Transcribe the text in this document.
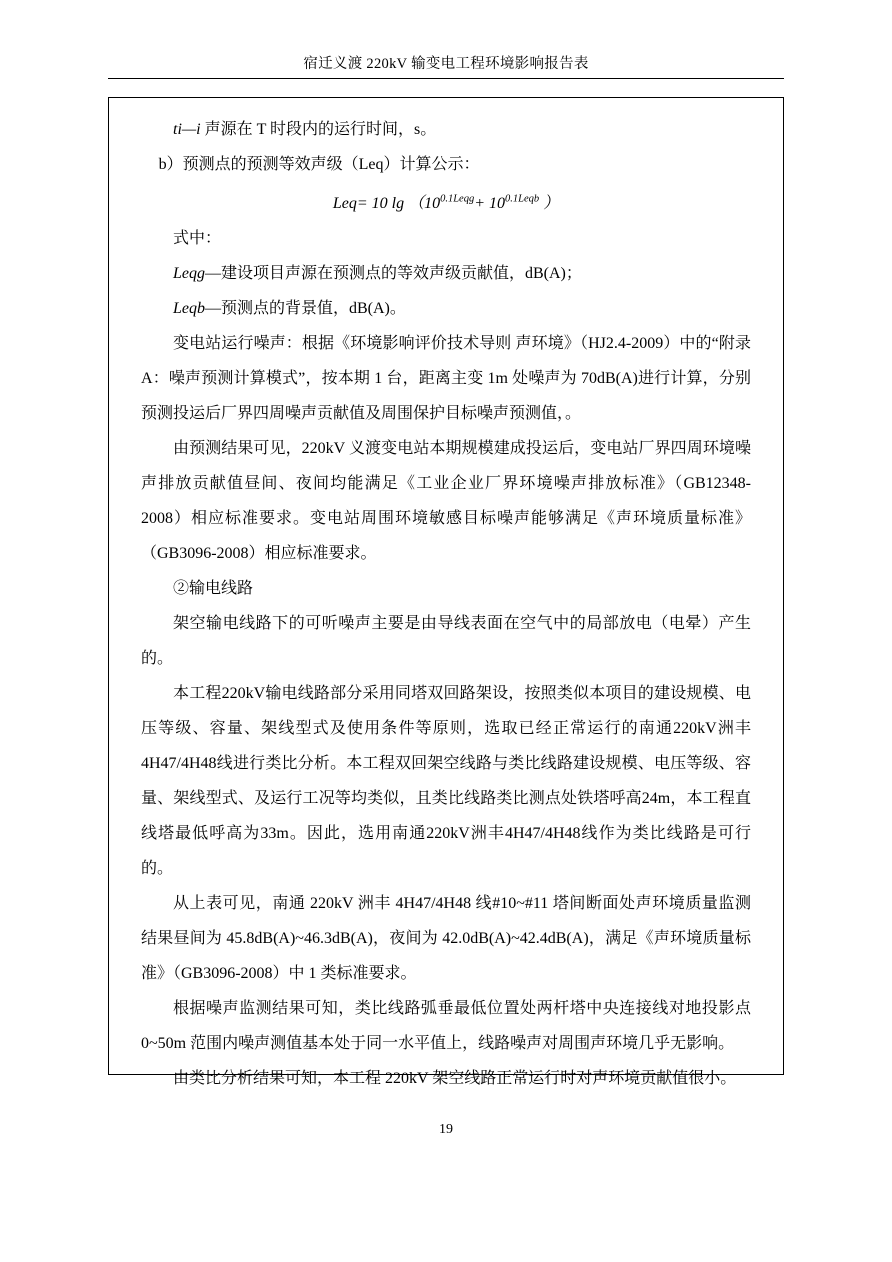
宿迁义渡 220kV 输变电工程环境影响报告表

ti—i 声源在 T 时段内的运行时间，s。

b）预测点的预测等效声级（Leq）计算公示：

Leq= 10 $\lg (10^{0.1Leqg}+ 10^{0.1Leqb}$ ）

式中：

Leqg—建设项目声源在预测点的等效声级贡献值，dB(A)；

Leqb—预测点的背景值，dB(A)。

变电站运行噪声：根据《环境影响评价技术导则 声环境》（HJ2.4-2009）中的“附录 A：噪声预测计算模式”，按本期 1 台，距离主变 1m 处噪声为 70dB(A)进行计算，分别预测投运后厂界四周噪声贡献值及周围保护目标噪声预测值，。

由预测结果可见，220kV 义渡变电站本期规模建成投运后，变电站厂界四周环境噪声排放贡献值昼间、夜间均能满足《工业企业厂界环境噪声排放标准》（GB12348-2008）相应标准要求。变电站周围环境敏感目标噪声能够满足《声环境质量标准》（GB3096-2008）相应标准要求。

②输电线路

架空输电线路下的可听噪声主要是由导线表面在空气中的局部放电（电晕）产生的。

本工程220kV输电线路部分采用同塔双回路架设，按照类似本项目的建设规模、电压等级、容量、架线型式及使用条件等原则，选取已经正常运行的南通220kV洲丰4H47/4H48线进行类比分析。本工程双回架空线路与类比线路建设规模、电压等级、容量、架线型式、及运行工况等均类似，且类比线路类比测点处铁塔呼高24m，本工程直线塔最低呼高为33m。因此，选用南通220kV洲丰4H47/4H48线作为类比线路是可行的。

从上表可见，南通 220kV 洲丰 4H47/4H48 线#10~#11 塔间断面处声环境质量监测结果昼间为 45.8dB(A)~46.3dB(A)，夜间为 42.0dB(A)~42.4dB(A)，满足《声环境质量标准》（GB3096-2008）中 1 类标准要求。

根据噪声监测结果可知，类比线路弧垂最低位置处两杆塔中央连接线对地投影点 0~50m 范围内噪声测值基本处于同一水平值上，线路噪声对周围声环境几乎无影响。

由类比分析结果可知，本工程 220kV 架空线路正常运行时对声环境贡献值很小。

19
